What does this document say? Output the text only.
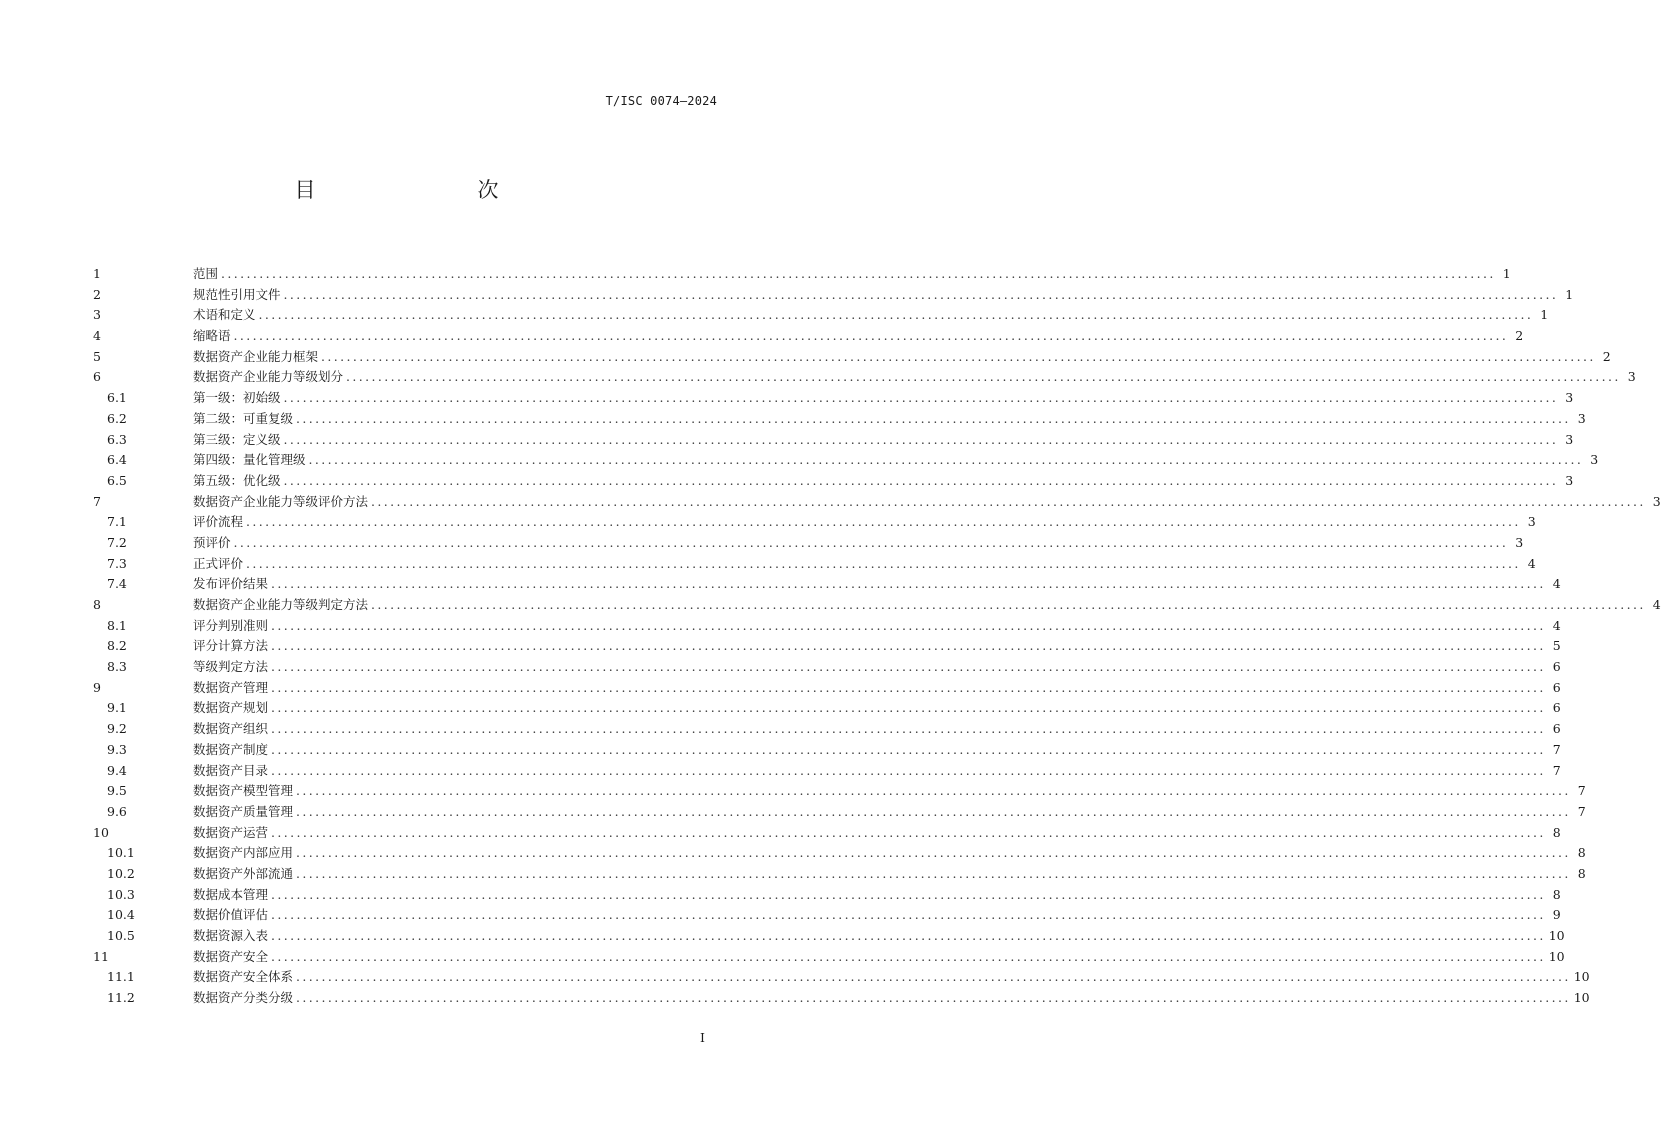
T/ISC 0074—2024
目　　次
1	范围 ........................................................................................................................................................................................................ 1
2	规范性引用文件 ........................................................................................................................................................................................................ 1
3	术语和定义 ........................................................................................................................................................................................................ 1
4	缩略语 ........................................................................................................................................................................................................ 2
5	数据资产企业能力框架 ........................................................................................................................................................................................................ 2
6	数据资产企业能力等级划分 ........................................................................................................................................................................................................ 3
6.1	第一级：初始级 ........................................................................................................................................................................................................ 3
6.2	第二级：可重复级 ........................................................................................................................................................................................................ 3
6.3	第三级：定义级 ........................................................................................................................................................................................................ 3
6.4	第四级：量化管理级 ........................................................................................................................................................................................................ 3
6.5	第五级：优化级 ........................................................................................................................................................................................................ 3
7	数据资产企业能力等级评价方法 ........................................................................................................................................................................................................ 3
7.1	评价流程 ........................................................................................................................................................................................................ 3
7.2	预评价 ........................................................................................................................................................................................................ 3
7.3	正式评价 ........................................................................................................................................................................................................ 4
7.4	发布评价结果 ........................................................................................................................................................................................................ 4
8	数据资产企业能力等级判定方法 ........................................................................................................................................................................................................ 4
8.1	评分判别准则 ........................................................................................................................................................................................................ 4
8.2	评分计算方法 ........................................................................................................................................................................................................ 5
8.3	等级判定方法 ........................................................................................................................................................................................................ 6
9	数据资产管理 ........................................................................................................................................................................................................ 6
9.1	数据资产规划 ........................................................................................................................................................................................................ 6
9.2	数据资产组织 ........................................................................................................................................................................................................ 6
9.3	数据资产制度 ........................................................................................................................................................................................................ 7
9.4	数据资产目录 ........................................................................................................................................................................................................ 7
9.5	数据资产模型管理 ........................................................................................................................................................................................................ 7
9.6	数据资产质量管理 ........................................................................................................................................................................................................ 7
10	数据资产运营 ........................................................................................................................................................................................................ 8
10.1	数据资产内部应用 ........................................................................................................................................................................................................ 8
10.2	数据资产外部流通 ........................................................................................................................................................................................................ 8
10.3	数据成本管理 ........................................................................................................................................................................................................ 8
10.4	数据价值评估 ........................................................................................................................................................................................................ 9
10.5	数据资源入表 ........................................................................................................................................................................................................ 10
11	数据资产安全 ........................................................................................................................................................................................................ 10
11.1	数据资产安全体系 ........................................................................................................................................................................................................ 10
11.2	数据资产分类分级 ........................................................................................................................................................................................................ 10
I
